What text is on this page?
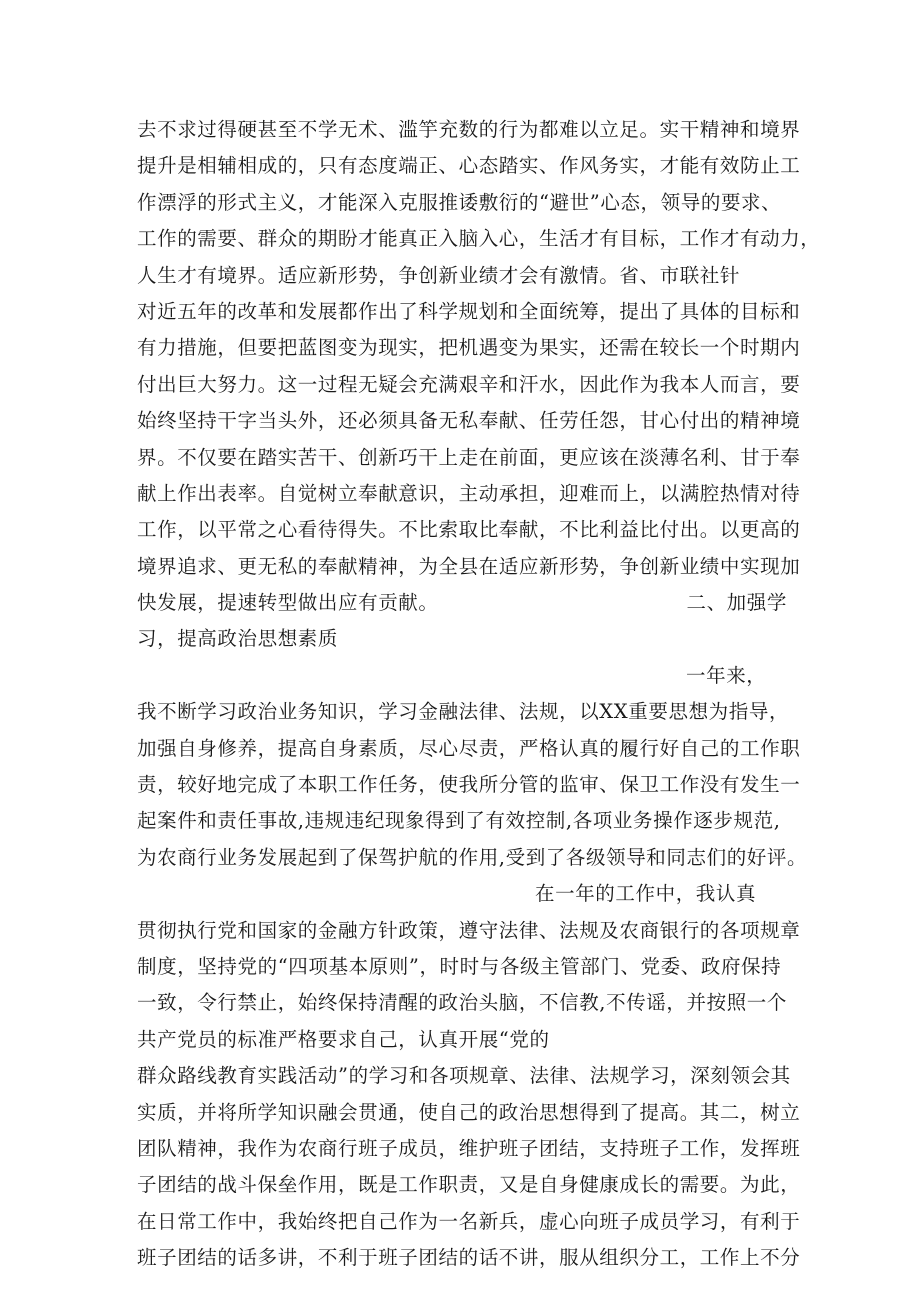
去不求过得硬甚至不学无术、滥竽充数的行为都难以立足。实干精神和境界
提升是相辅相成的，只有态度端正、心态踏实、作风务实，才能有效防止工
作漂浮的形式主义，才能深入克服推诿敷衍的“避世”心态，领导的要求、
工作的需要、群众的期盼才能真正入脑入心，生活才有目标，工作才有动力，
人生才有境界。适应新形势，争创新业绩才会有激情。省、市联社针
对近五年的改革和发展都作出了科学规划和全面统筹，提出了具体的目标和
有力措施，但要把蓝图变为现实，把机遇变为果实，还需在较长一个时期内
付出巨大努力。这一过程无疑会充满艰辛和汗水，因此作为我本人而言，要
始终坚持干字当头外，还必须具备无私奉献、任劳任怨，甘心付出的精神境
界。不仅要在踏实苦干、创新巧干上走在前面，更应该在淡薄名利、甘于奉
献上作出表率。自觉树立奉献意识，主动承担，迎难而上，以满腔热情对待
工作，以平常之心看待得失。不比索取比奉献，不比利益比付出。以更高的
境界追求、更无私的奉献精神，为全县在适应新形势，争创新业绩中实现加
快发展，提速转型做出应有贡献。	二、加强学
习，提高政治思想素质
一年来，
我不断学习政治业务知识，学习金融法律、法规，以XX重要思想为指导，
加强自身修养，提高自身素质，尽心尽责，严格认真的履行好自己的工作职
责，较好地完成了本职工作任务，使我所分管的监审、保卫工作没有发生一
起案件和责任事故,违规违纪现象得到了有效控制,各项业务操作逐步规范,
为农商行业务发展起到了保驾护航的作用,受到了各级领导和同志们的好评。
在一年的工作中，我认真
贯彻执行党和国家的金融方针政策，遵守法律、法规及农商银行的各项规章
制度，坚持党的“四项基本原则”，时时与各级主管部门、党委、政府保持
一致，令行禁止，始终保持清醒的政治头脑，不信教,不传谣，并按照一个
共产党员的标准严格要求自己，认真开展“党的
群众路线教育实践活动”的学习和各项规章、法律、法规学习，深刻领会其
实质，并将所学知识融会贯通，使自己的政治思想得到了提高。其二，树立
团队精神，我作为农商行班子成员，维护班子团结，支持班子工作，发挥班
子团结的战斗保垒作用，既是工作职责，又是自身健康成长的需要。为此，
在日常工作中，我始终把自己作为一名新兵，虚心向班子成员学习，有利于
班子团结的话多讲，不利于班子团结的话不讲，服从组织分工，工作上不分
